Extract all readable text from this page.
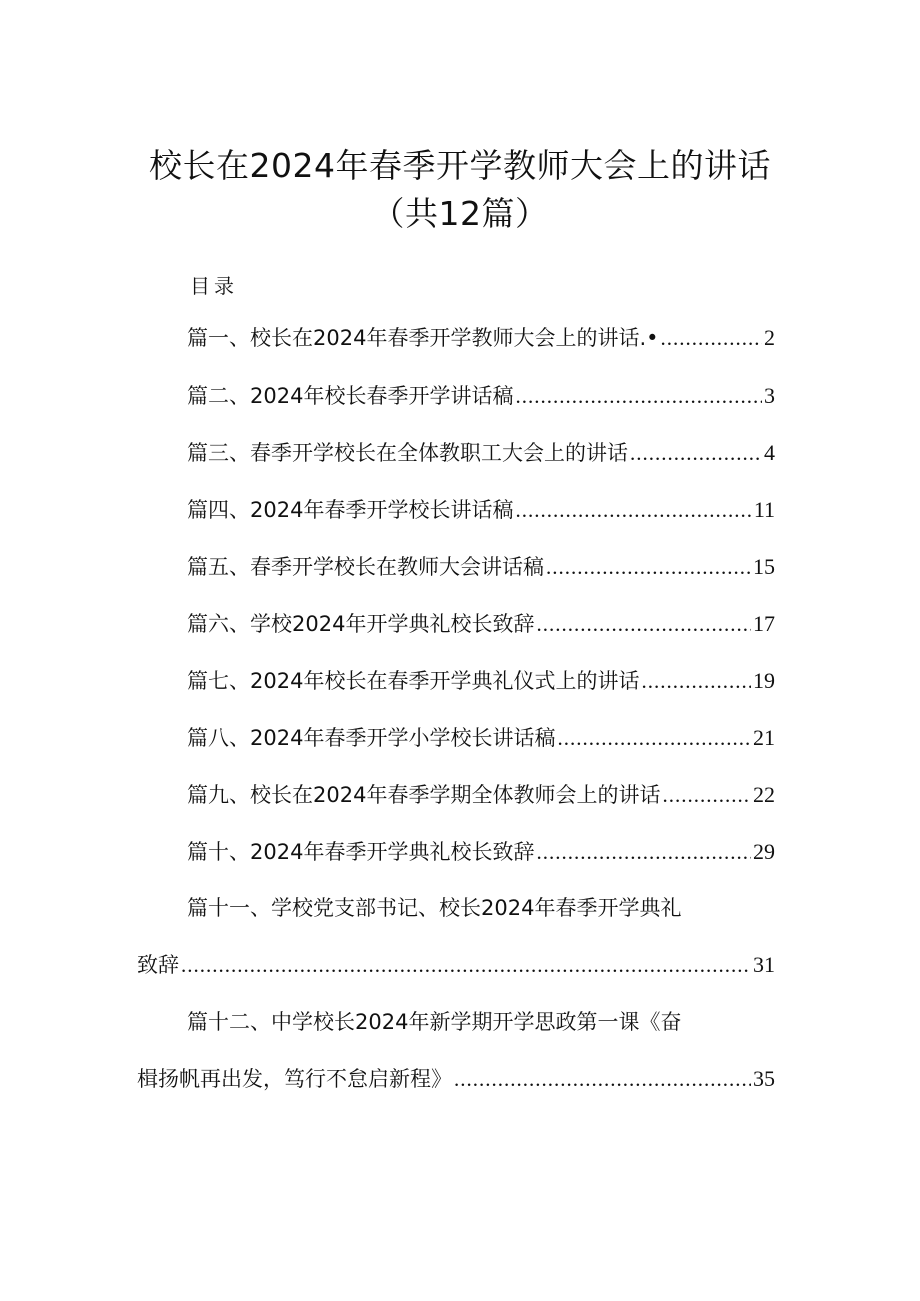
校长在2024年春季开学教师大会上的讲话
（共12篇）
目录
篇一、校长在2024年春季开学教师大会上的讲话.• .....	2
篇二、2024年校长春季开学讲话稿 .....	3
篇三、春季开学校长在全体教职工大会上的讲话 .....	4
篇四、2024年春季开学校长讲话稿 .....	11
篇五、春季开学校长在教师大会讲话稿 .....	15
篇六、学校2024年开学典礼校长致辞 .....	17
篇七、2024年校长在春季开学典礼仪式上的讲话 .....	19
篇八、2024年春季开学小学校长讲话稿 .....	21
篇九、校长在2024年春季学期全体教师会上的讲话 .....	22
篇十、2024年春季开学典礼校长致辞 .....	29
篇十一、学校党支部书记、校长2024年春季开学典礼
致辞 .....	31
篇十二、中学校长2024年新学期开学思政第一课《奋
楫扬帆再出发，笃行不怠启新程》 .....	35
